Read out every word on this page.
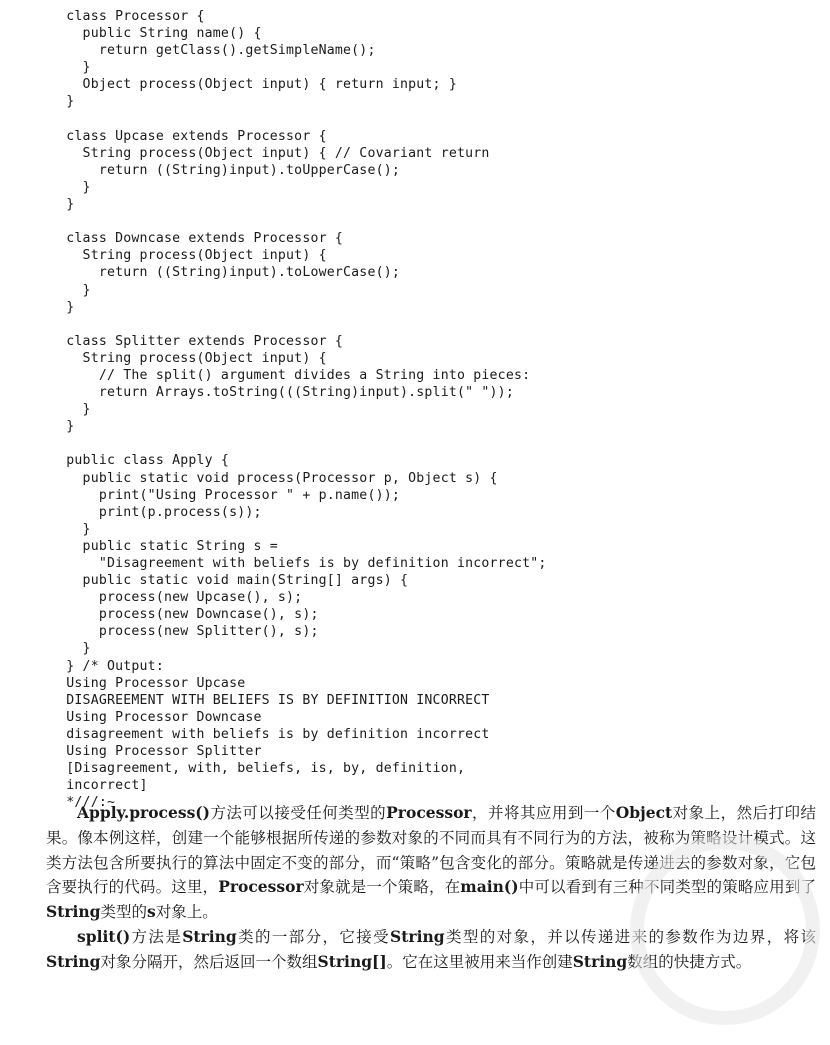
class Processor {
public String name() {
return getClass().getSimpleName();
}
Object process(Object input) { return input; }
}
class Upcase extends Processor {
String process(Object input) { // Covariant return
return ((String)input).toUpperCase();
}
}
class Downcase extends Processor {
String process(Object input) {
return ((String)input).toLowerCase();
}
}
class Splitter extends Processor {
String process(Object input) {
// The split() argument divides a String into pieces:
return Arrays.toString(((String)input).split(" "));
}
}
public class Apply {
public static void process(Processor p, Object s) {
print("Using Processor " + p.name());
print(p.process(s));
}
public static String s =
"Disagreement with beliefs is by definition incorrect";
public static void main(String[] args) {
process(new Upcase(), s);
process(new Downcase(), s);
process(new Splitter(), s);
}
} /* Output:
Using Processor Upcase
DISAGREEMENT WITH BELIEFS IS BY DEFINITION INCORRECT
Using Processor Downcase
disagreement with beliefs is by definition incorrect
Using Processor Splitter
[Disagreement, with, beliefs, is, by, definition,
incorrect]
*///:~

Apply.process()方法可以接受任何类型的Processor，并将其应用到一个Object对象上，然后打印结果。像本例这样，创建一个能够根据所传递的参数对象的不同而具有不同行为的方法，被称为策略设计模式。这类方法包含所要执行的算法中固定不变的部分，而“策略”包含变化的部分。策略就是传递进去的参数对象，它包含要执行的代码。这里，Processor对象就是一个策略，在main()中可以看到有三种不同类型的策略应用到了String类型的s对象上。

split()方法是String类的一部分，它接受String类型的对象，并以传递进来的参数作为边界，将该String对象分隔开，然后返回一个数组String[]。它在这里被用来当作创建String数组的快捷方式。
